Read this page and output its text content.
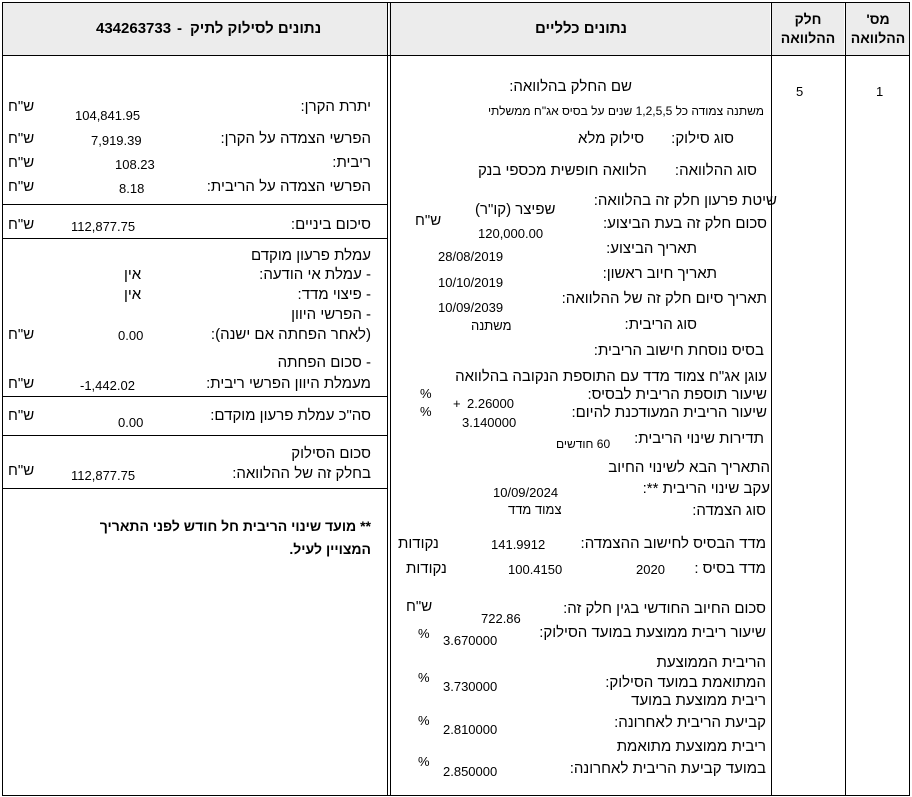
מס' ההלוואה
חלק ההלוואה
נתונים כלליים
נתונים לסילוק לתיק
434263733 -
1
5
שם החלק בהלוואה:
משתנה צמודה כל 1,2,5,5 שנים על בסיס אג"ח ממשלתי
סוג סילוק:
סילוק מלא
סוג ההלוואה:
הלוואה חופשית מכספי בנק
שיטת פרעון חלק זה בהלוואה:
שפיצר (קו"ר)
סכום חלק זה בעת הביצוע:
ש"ח
120,000.00
תאריך הביצוע:
28/08/2019
תאריך חיוב ראשון:
10/10/2019
תאריך סיום חלק זה של ההלוואה:
10/09/2039
סוג הריבית:
משתנה
בסיס נוסחת חישוב הריבית:
עוגן אג"ח צמוד מדד עם התוספת הנקובה בהלוואה
שיעור תוספת הריבית לבסיס:
%
+ 2.26000
שיעור הריבית המעודכנת להיום:
%
3.140000
תדירות שינוי הריבית:
60 חודשים
התאריך הבא לשינוי החיוב
עקב שינוי הריבית **:
10/09/2024
סוג הצמדה:
צמוד מדד
מדד הבסיס לחישוב ההצמדה:
141.9912
נקודות
מדד בסיס :
2020
100.4150
נקודות
סכום החיוב החודשי בגין חלק זה:
722.86
ש"ח
שיעור ריבית ממוצעת במועד הסילוק:
3.670000
%
הריבית הממוצעת
המתואמת במועד הסילוק:
3.730000
%
ריבית ממוצעת במועד
קביעת הריבית לאחרונה:
2.810000
%
ריבית ממוצעת מתואמת
במועד קביעת הריבית לאחרונה:
2.850000
%
יתרת הקרן:
104,841.95
ש"ח
הפרשי הצמדה על הקרן:
7,919.39
ש"ח
ריבית:
108.23
ש"ח
הפרשי הצמדה על הריבית:
8.18
ש"ח
סיכום ביניים:
112,877.75
ש"ח
עמלת פרעון מוקדם
- עמלת אי הודעה:
אין
- פיצוי מדד:
אין
- הפרשי היוון
(לאחר הפחתה אם ישנה):
0.00
ש"ח
- סכום הפחתה
מעמלת היוון הפרשי ריבית:
-1,442.02
ש"ח
סה"כ עמלת פרעון מוקדם:
0.00
ש"ח
סכום הסילוק
בחלק זה של ההלוואה:
112,877.75
ש"ח
** מועד שינוי הריבית חל חודש לפני התאריך
המצויין לעיל.
